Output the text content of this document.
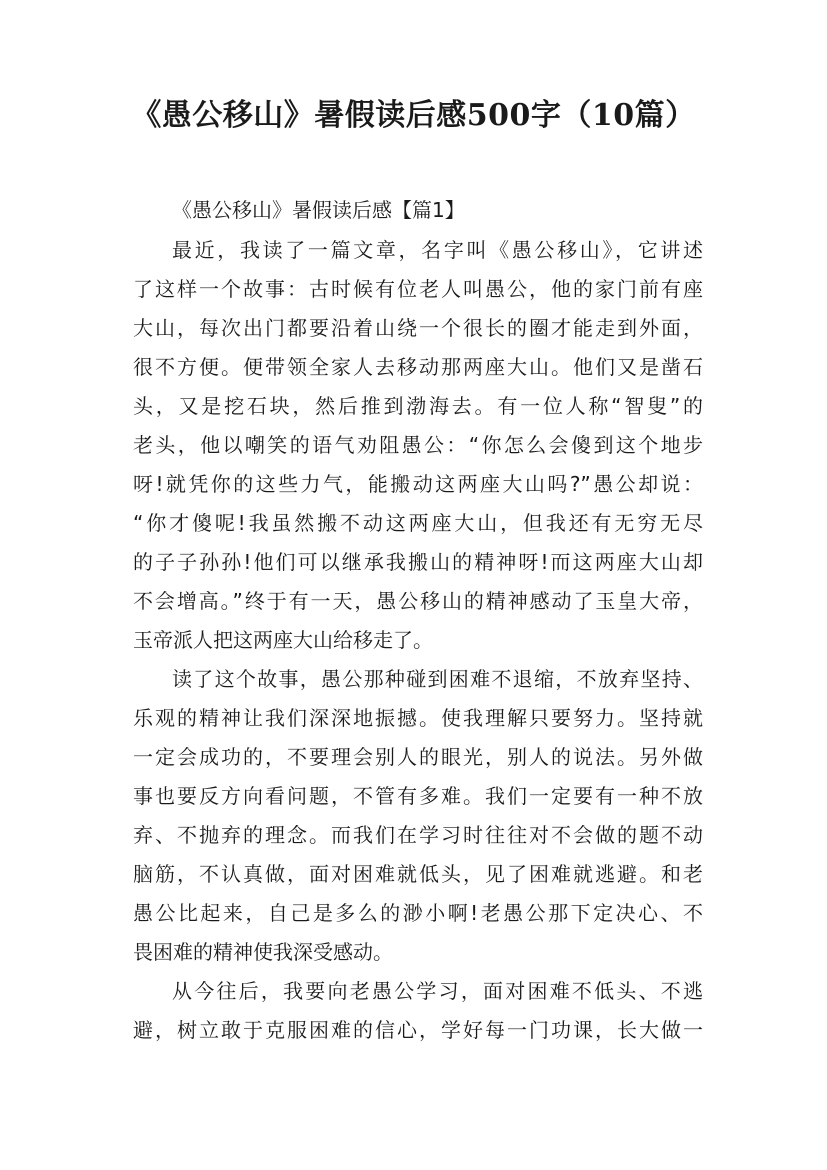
《愚公移山》暑假读后感500字（10篇）
《愚公移山》暑假读后感【篇1】
最近，我读了一篇文章，名字叫《愚公移山》，它讲述
了这样一个故事：古时候有位老人叫愚公，他的家门前有座
大山，每次出门都要沿着山绕一个很长的圈才能走到外面，
很不方便。便带领全家人去移动那两座大山。他们又是凿石
头，又是挖石块，然后推到渤海去。有一位人称“智叟”的
老头，他以嘲笑的语气劝阻愚公：“你怎么会傻到这个地步
呀!就凭你的这些力气，能搬动这两座大山吗?”愚公却说：
“你才傻呢!我虽然搬不动这两座大山，但我还有无穷无尽
的子子孙孙!他们可以继承我搬山的精神呀!而这两座大山却
不会增高。”终于有一天，愚公移山的精神感动了玉皇大帝，
玉帝派人把这两座大山给移走了。
读了这个故事，愚公那种碰到困难不退缩，不放弃坚持、
乐观的精神让我们深深地振撼。使我理解只要努力。坚持就
一定会成功的，不要理会别人的眼光，别人的说法。另外做
事也要反方向看问题，不管有多难。我们一定要有一种不放
弃、不抛弃的理念。而我们在学习时往往对不会做的题不动
脑筋，不认真做，面对困难就低头，见了困难就逃避。和老
愚公比起来，自己是多么的渺小啊!老愚公那下定决心、不
畏困难的精神使我深受感动。
从今往后，我要向老愚公学习，面对困难不低头、不逃
避，树立敢于克服困难的信心，学好每一门功课，长大做一
